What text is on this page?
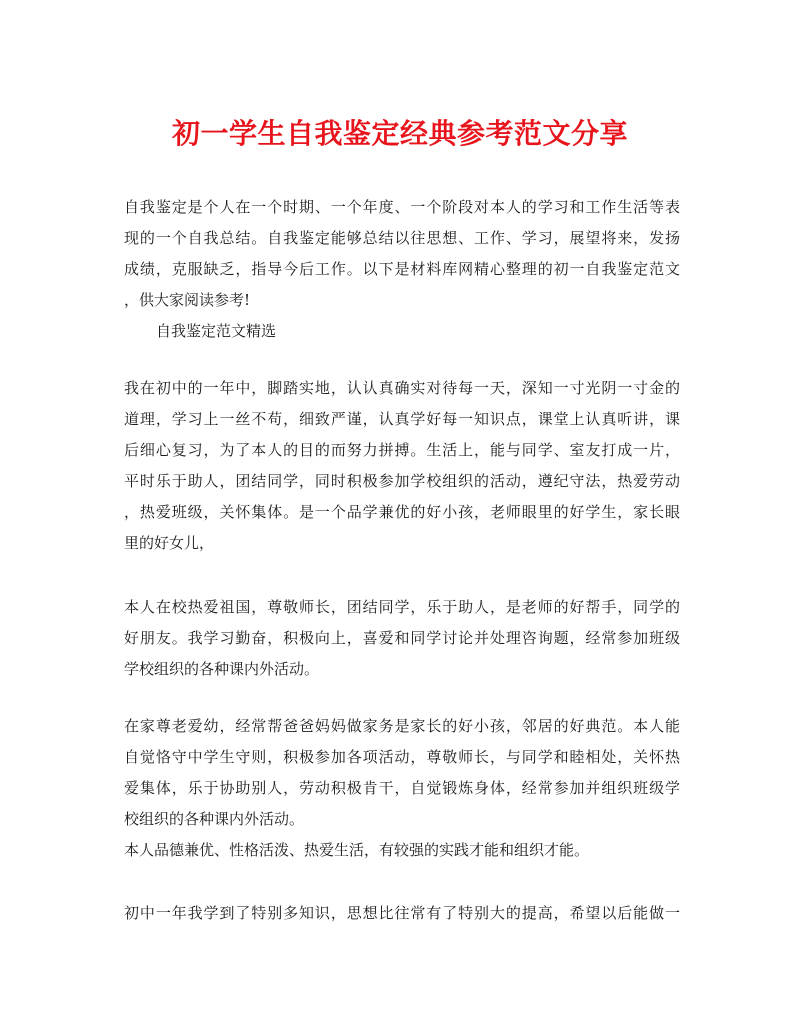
初一学生自我鉴定经典参考范文分享
自我鉴定是个人在一个时期、一个年度、一个阶段对本人的学习和工作生活等表
现的一个自我总结。自我鉴定能够总结以往思想、工作、学习，展望将来，发扬
成绩，克服缺乏，指导今后工作。以下是材料库网精心整理的初一自我鉴定范文
，供大家阅读参考!
自我鉴定范文精选
我在初中的一年中，脚踏实地，认认真确实对待每一天，深知一寸光阴一寸金的
道理，学习上一丝不苟，细致严谨，认真学好每一知识点，课堂上认真听讲，课
后细心复习，为了本人的目的而努力拼搏。生活上，能与同学、室友打成一片，
平时乐于助人，团结同学，同时积极参加学校组织的活动，遵纪守法，热爱劳动
，热爱班级，关怀集体。是一个品学兼优的好小孩，老师眼里的好学生，家长眼
里的好女儿，
本人在校热爱祖国，尊敬师长，团结同学，乐于助人，是老师的好帮手，同学的
好朋友。我学习勤奋，积极向上，喜爱和同学讨论并处理咨询题，经常参加班级
学校组织的各种课内外活动。
在家尊老爱幼，经常帮爸爸妈妈做家务是家长的好小孩，邻居的好典范。本人能
自觉恪守中学生守则，积极参加各项活动，尊敬师长，与同学和睦相处，关怀热
爱集体，乐于协助别人，劳动积极肯干，自觉锻炼身体，经常参加并组织班级学
校组织的各种课内外活动。
本人品德兼优、性格活泼、热爱生活，有较强的实践才能和组织才能。
初中一年我学到了特别多知识，思想比往常有了特别大的提高，希望以后能做一
